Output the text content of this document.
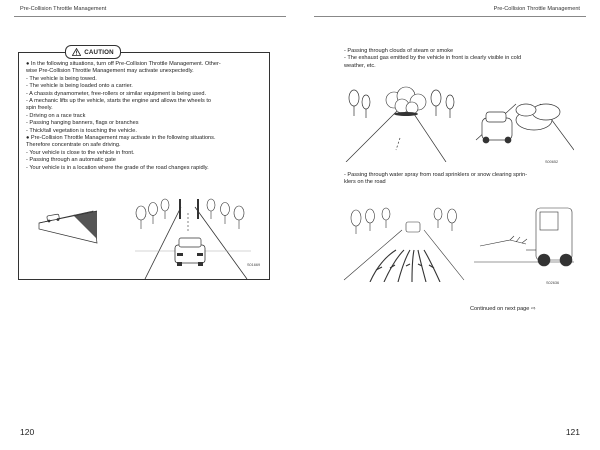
Pre-Collision Throttle Management	Pre-Collision Throttle Management
CAUTION
● In the following situations, turn off Pre-Collision Throttle Management. Other-
wise Pre-Collision Throttle Management may activate unexpectedly.
- The vehicle is being towed.
- The vehicle is being loaded onto a carrier.
- A chassis dynamometer, free-rollers or similar equipment is being used.
- A mechanic lifts up the vehicle, starts the engine and allows the wheels to
spin freely.
- Driving on a race track
- Passing hanging banners, flags or branches
- Thick/tall vegetation is touching the vehicle.
● Pre-Collision Throttle Management may activate in the following situations.
Therefore concentrate on safe driving.
- Your vehicle is close to the vehicle in front.
- Passing through an automatic gate
- Your vehicle is in a location where the grade of the road changes rapidly.
S01669
- Passing through clouds of steam or smoke
- The exhaust gas emitted by the vehicle in front is clearly visible in cold
weather, etc.
S00652
- Passing through water spray from road sprinklers or snow clearing sprin-
klers on the road
S02636
Continued on next page ⇨
120	121
